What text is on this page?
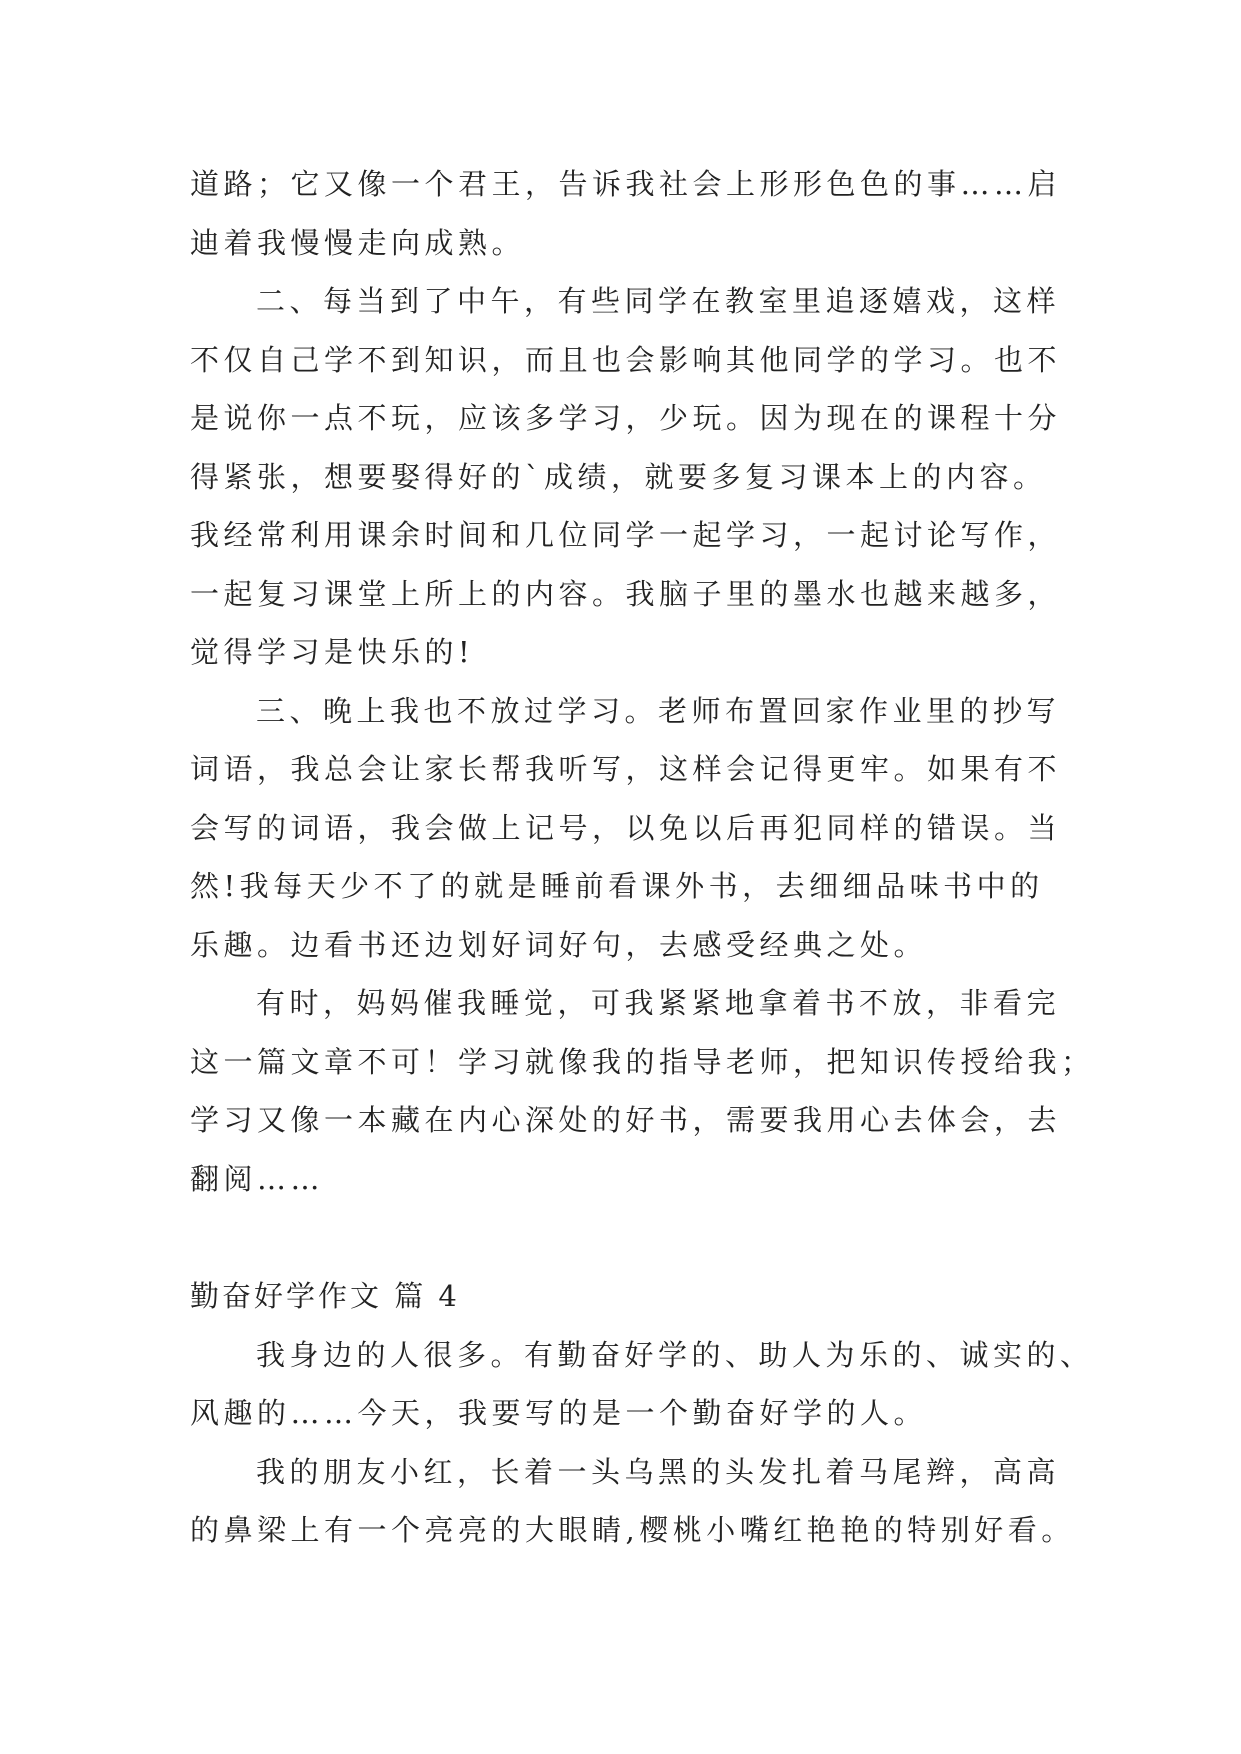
道路；它又像一个君王，告诉我社会上形形色色的事……启
迪着我慢慢走向成熟。
二、每当到了中午，有些同学在教室里追逐嬉戏，这样
不仅自己学不到知识，而且也会影响其他同学的学习。也不
是说你一点不玩，应该多学习，少玩。因为现在的课程十分
得紧张，想要娶得好的`成绩，就要多复习课本上的内容。
我经常利用课余时间和几位同学一起学习，一起讨论写作，
一起复习课堂上所上的内容。我脑子里的墨水也越来越多，
觉得学习是快乐的!
三、晚上我也不放过学习。老师布置回家作业里的抄写
词语，我总会让家长帮我听写，这样会记得更牢。如果有不
会写的词语，我会做上记号，以免以后再犯同样的错误。当
然!我每天少不了的就是睡前看课外书，去细细品味书中的
乐趣。边看书还边划好词好句，去感受经典之处。
有时，妈妈催我睡觉，可我紧紧地拿着书不放，非看完
这一篇文章不可！学习就像我的指导老师，把知识传授给我；
学习又像一本藏在内心深处的好书，需要我用心去体会，去
翻阅……
勤奋好学作文 篇 4
我身边的人很多。有勤奋好学的、助人为乐的、诚实的、
风趣的……今天，我要写的是一个勤奋好学的人。
我的朋友小红，长着一头乌黑的头发扎着马尾辫，高高
的鼻梁上有一个亮亮的大眼睛,樱桃小嘴红艳艳的特别好看。
